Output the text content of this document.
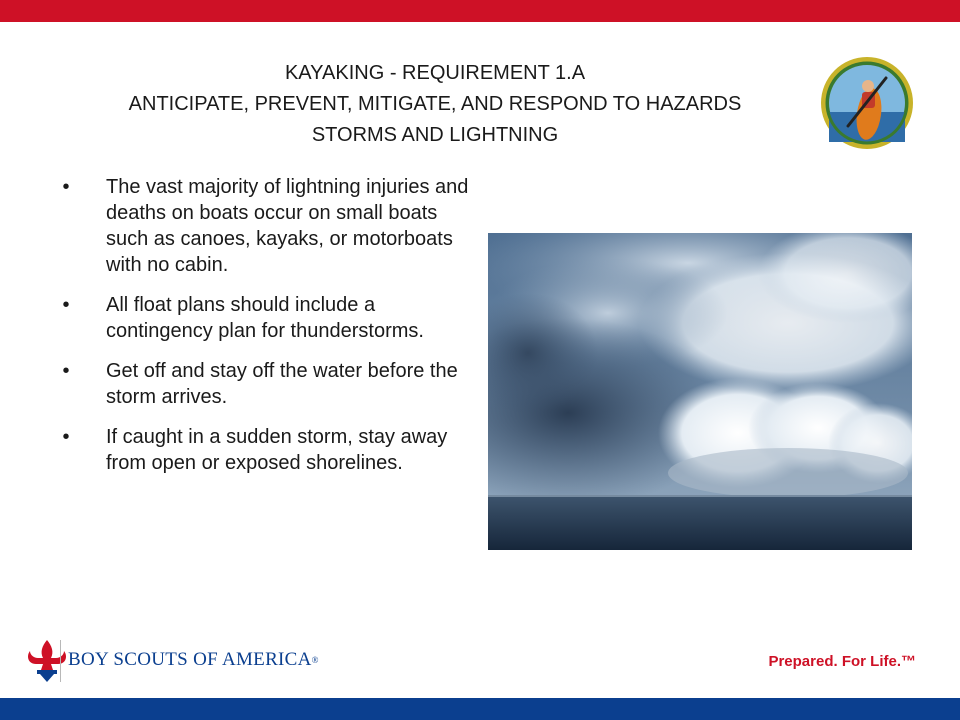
KAYAKING - REQUIREMENT 1.A
ANTICIPATE, PREVENT, MITIGATE, AND RESPOND TO HAZARDS
STORMS AND LIGHTNING
• The vast majority of lightning injuries and deaths on boats occur on small boats such as canoes, kayaks, or motorboats with no cabin.
• All float plans should include a contingency plan for thunderstorms.
• Get off and stay off the water before the storm arrives.
• If caught in a sudden storm, stay away from open or exposed shorelines.
BOY SCOUTS OF AMERICA®	Prepared. For Life.™
